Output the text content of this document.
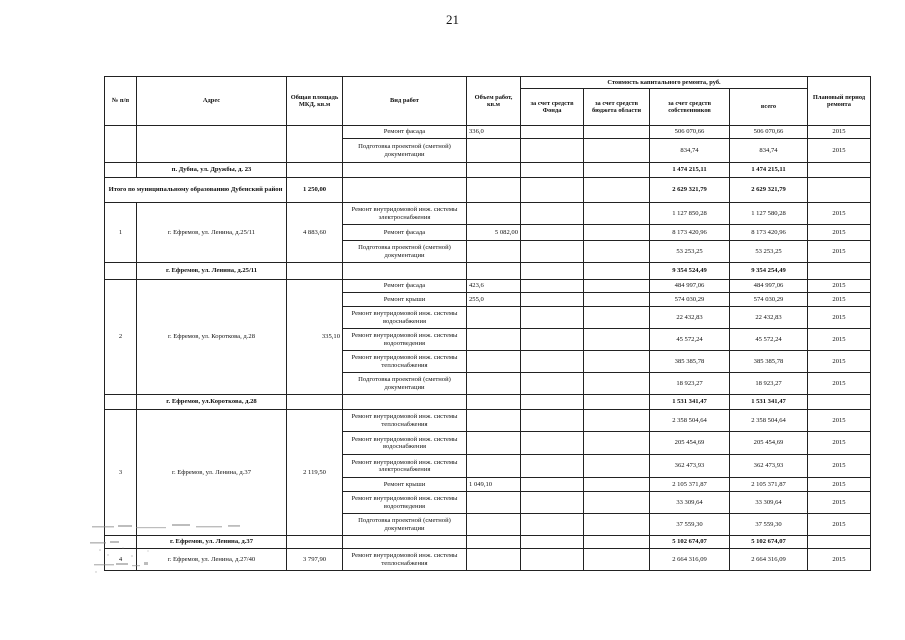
21
№ п/п	Адрес	Общая площадь МКД, кв.м	Вид работ	Объем работ, кв.м	Стоимость капитального ремонта, руб.				Плановый период ремонта
					за счет средств Фонда	за счет средств бюджета области	за счет средств собственников	всего	
			Ремонт фасада	336,0			506 070,66	506 070,66	2015
			Подготовка проектной (сметной) документации				834,74	834,74	2015
	п. Дубна, ул. Дружбы, д. 23						1 474 215,11	1 474 215,11	
Итого по муниципальному образованию Дубенский район		1 250,00					2 629 321,79	2 629 321,79	
1	г. Ефремов, ул. Ленина, д.25/11	4 883,60	Ремонт внутридомовой инж. системы электроснабжения				1 127 850,28	1 127 580,28	2015
			Ремонт фасада	5 082,00			8 173 420,96	8 173 420,96	2015
			Подготовка проектной (сметной) документации				53 253,25	53 253,25	2015
	г. Ефремов, ул. Ленина, д.25/11						9 354 524,49	9 354 254,49	
2	г. Ефремов, ул. Короткова, д.28	335,10	Ремонт фасада	423,6			484 997,06	484 997,06	2015
			Ремонт крыши	255,0			574 030,29	574 030,29	2015
			Ремонт внутридомовой инж. системы водоснабжения				22 432,83	22 432,83	2015
			Ремонт внутридомовой инж. системы водоотведения				45 572,24	45 572,24	2015
			Ремонт внутридомовой инж. системы теплоснабжения				385 385,78	385 385,78	2015
			Подготовка проектной (сметной) документации				18 923,27	18 923,27	2015
	г. Ефремов, ул.Короткова, д.28						1 531 341,47	1 531 341,47	
3	г. Ефремов, ул. Ленина, д.37	2 119,50	Ремонт внутридомовой инж. системы теплоснабжения				2 358 504,64	2 358 504,64	2015
			Ремонт внутридомовой инж. системы водоснабжения				205 454,69	205 454,69	2015
			Ремонт внутридомовой инж. системы электроснабжения				362 473,93	362 473,93	2015
			Ремонт крыши	1 049,10			2 105 371,87	2 105 371,87	2015
			Ремонт внутридомовой инж. системы водоотведения				33 309,64	33 309,64	2015
			Подготовка проектной (сметной) документации				37 559,30	37 559,30	2015
	г. Ефремов, ул. Ленина, д.37						5 102 674,07	5 102 674,07	
4	г. Ефремов, ул. Ленина, д.27/40	3 797,90	Ремонт внутридомовой инж. системы теплоснабжения				2 664 316,09	2 664 316,09	2015
